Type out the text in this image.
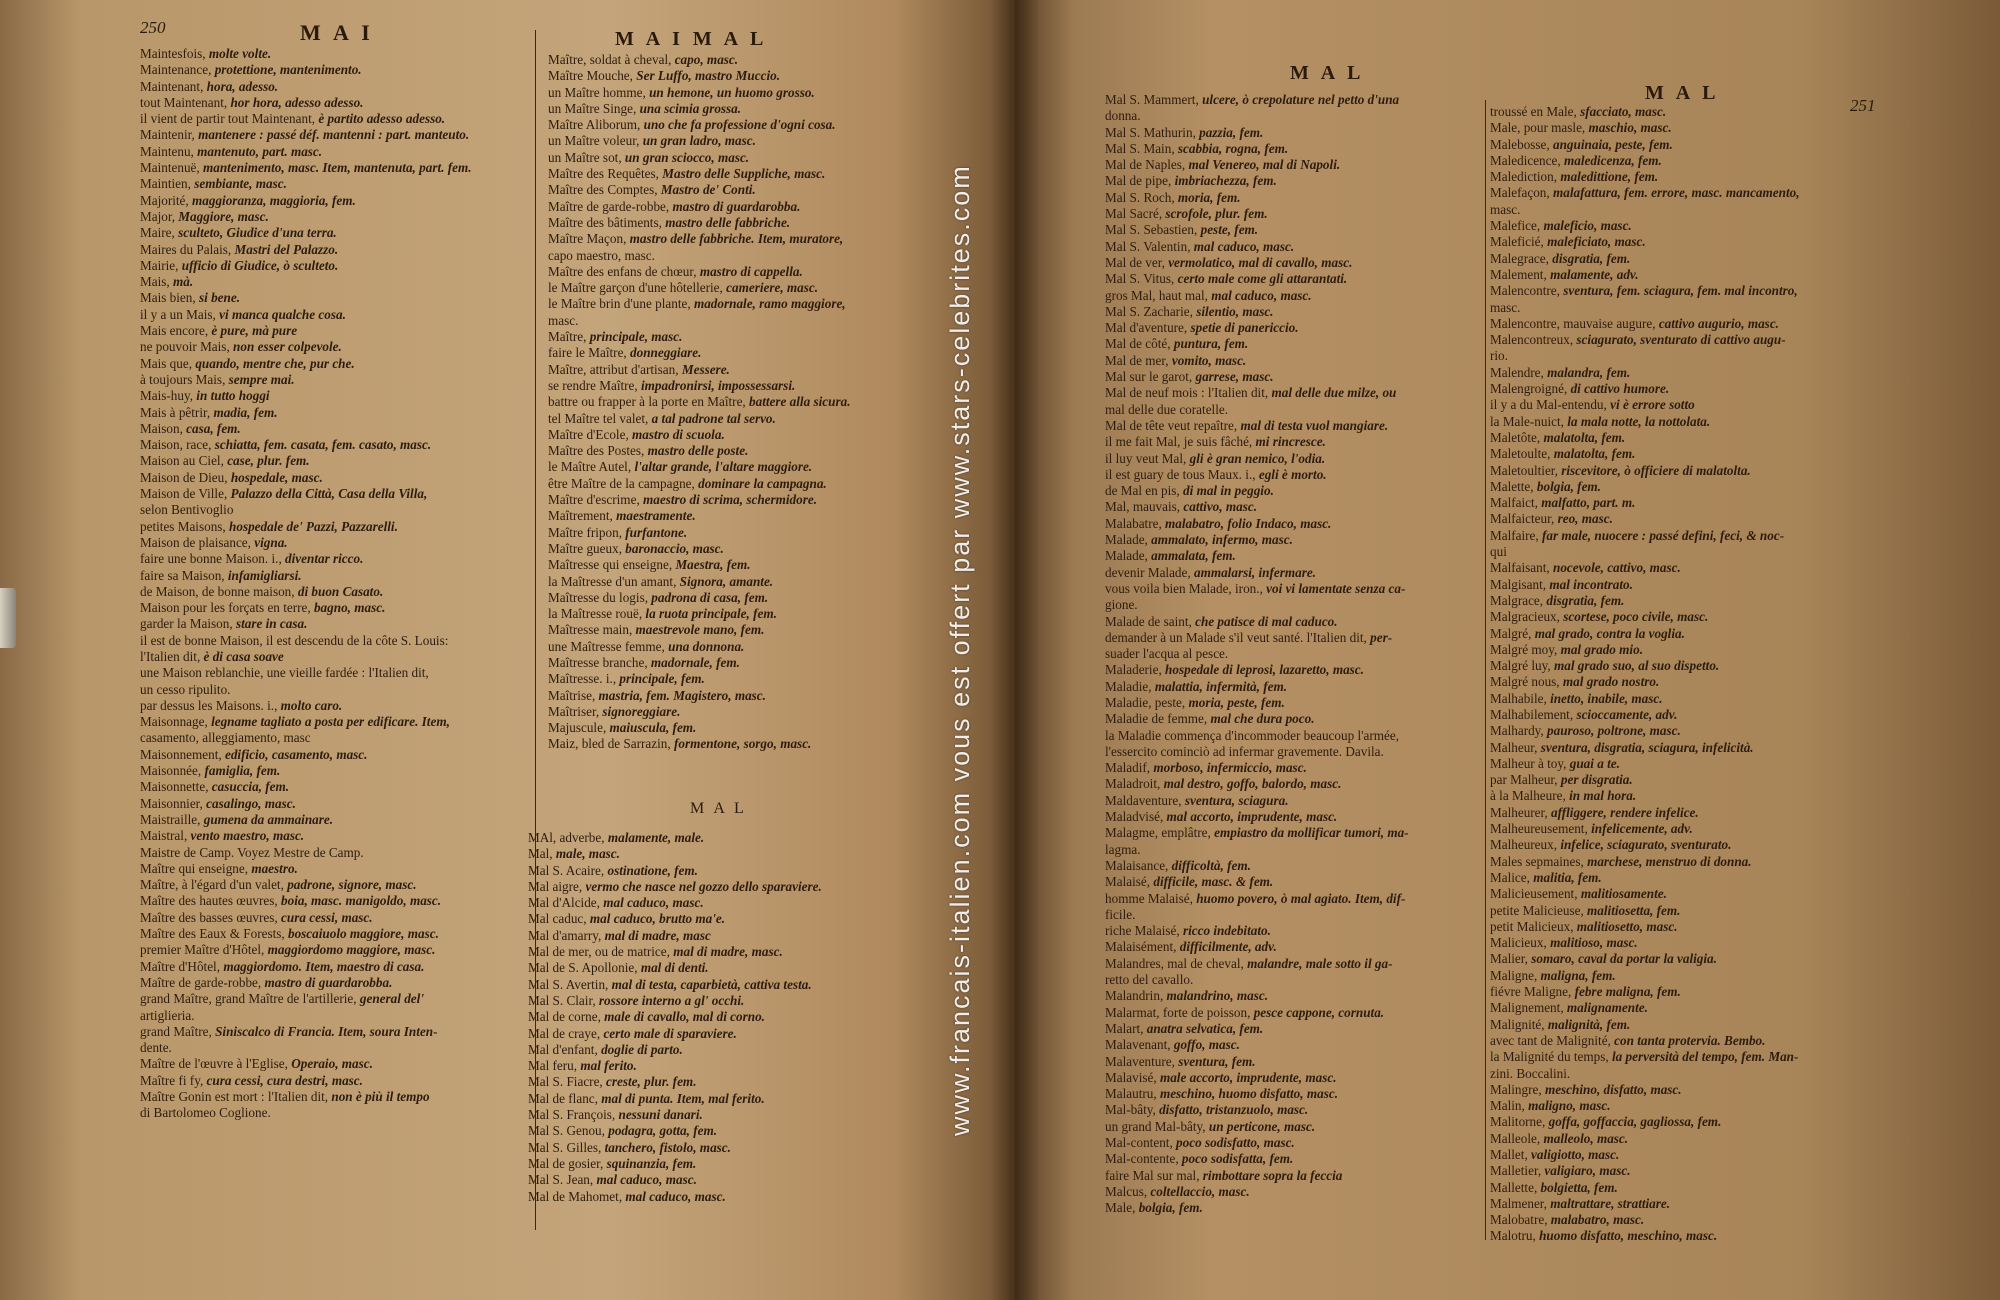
250	M A I
Maintesfois, molte volte.
Maintenance, protettione, mantenimento.
Maintenant, hora, adesso.
tout Maintenant, hor hora, adesso adesso.
il vient de partir tout Maintenant, è partito adesso adesso.
Maintenir, mantenere : passé déf. mantenni : part. manteuto.
Maintenu, mantenuto, part. masc.
Maintenuë, mantenimento, masc. Item, mantenuta, part. fem.
Maintien, sembiante, masc.
Majorité, maggioranza, maggioria, fem.
Major, Maggiore, masc.
Maire, sculteto, Giudice d'una terra.
Maires du Palais, Mastri del Palazzo.
Mairie, ufficio di Giudice, ò sculteto.
Mais, mà.
Mais bien, si bene.
il y a un Mais, vi manca qualche cosa.
Mais encore, è pure, mà pure
ne pouvoir Mais, non esser colpevole.
Mais que, quando, mentre che, pur che.
à toujours Mais, sempre mai.
Mais-huy, in tutto hoggi
Mais à pêtrir, madia, fem.
Maison, casa, fem.
Maison, race, schiatta, fem. casata, fem. casato, masc.
Maison au Ciel, case, plur. fem.
Maison de Dieu, hospedale, masc.
Maison de Ville, Palazzo della Città, Casa della Villa,
selon Bentivoglio
petites Maisons, hospedale de' Pazzi, Pazzarelli.
Maison de plaisance, vigna.
faire une bonne Maison. i., diventar ricco.
faire sa Maison, infamigliarsi.
de Maison, de bonne maison, di buon Casato.
Maison pour les forçats en terre, bagno, masc.
garder la Maison, stare in casa.
il est de bonne Maison, il est descendu de la côte S. Louis:
l'Italien dit, è di casa soave
une Maison reblanchie, une vieille fardée : l'Italien dit,
un cesso ripulito.
par dessus les Maisons. i., molto caro.
Maisonnage, legname tagliato a posta per edificare. Item,
casamento, alleggiamento, masc
Maisonnement, edificio, casamento, masc.
Maisonnée, famiglia, fem.
Maisonnette, casuccia, fem.
Maisonnier, casalingo, masc.
Maistraille, gumena da ammainare.
Maistral, vento maestro, masc.
Maistre de Camp. Voyez Mestre de Camp.
Maître qui enseigne, maestro.
Maître, à l'égard d'un valet, padrone, signore, masc.
Maître des hautes œuvres, boia, masc. manigoldo, masc.
Maître des basses œuvres, cura cessi, masc.
Maître des Eaux & Forests, boscaiuolo maggiore, masc.
premier Maître d'Hôtel, maggiordomo maggiore, masc.
Maître d'Hôtel, maggiordomo. Item, maestro di casa.
Maître de garde-robbe, mastro di guardarobba.
grand Maître, grand Maître de l'artillerie, general del'
artiglieria.
grand Maître, Siniscalco di Francia. Item, soura Inten-
dente.
Maître de l'œuvre à l'Eglise, Operaio, masc.
Maître fi fy, cura cessi, cura destri, masc.
Maître Gonin est mort : l'Italien dit, non è più il tempo
di Bartolomeo Coglione.
M A I M A L
Maître, soldat à cheval, capo, masc.
Maître Mouche, Ser Luffo, mastro Muccio.
un Maître homme, un hemone, un huomo grosso.
un Maître Singe, una scimia grossa.
Maître Aliborum, uno che fa professione d'ogni cosa.
un Maître voleur, un gran ladro, masc.
un Maître sot, un gran sciocco, masc.
Maître des Requêtes, Mastro delle Suppliche, masc.
Maître des Comptes, Mastro de' Conti.
Maître de garde-robbe, mastro di guardarobba.
Maître des bâtiments, mastro delle fabbriche.
Maître Maçon, mastro delle fabbriche. Item, muratore,
capo maestro, masc.
Maître des enfans de chœur, mastro di cappella.
le Maître garçon d'une hôtellerie, cameriere, masc.
le Maître brin d'une plante, madornale, ramo maggiore,
masc.
Maître, principale, masc.
faire le Maître, donneggiare.
Maître, attribut d'artisan, Messere.
se rendre Maître, impadronirsi, impossessarsi.
battre ou frapper à la porte en Maître, battere alla sicura.
tel Maître tel valet, a tal padrone tal servo.
Maître d'Ecole, mastro di scuola.
Maître des Postes, mastro delle poste.
le Maître Autel, l'altar grande, l'altare maggiore.
être Maître de la campagne, dominare la campagna.
Maître d'escrime, maestro di scrima, schermidore.
Maîtrement, maestramente.
Maître fripon, furfantone.
Maître gueux, baronaccio, masc.
Maîtresse qui enseigne, Maestra, fem.
la Maîtresse d'un amant, Signora, amante.
Maîtresse du logis, padrona di casa, fem.
la Maîtresse rouë, la ruota principale, fem.
Maîtresse main, maestrevole mano, fem.
une Maîtresse femme, una donnona.
Maîtresse branche, madornale, fem.
Maîtresse. i., principale, fem.
Maîtrise, mastria, fem. Magistero, masc.
Maîtriser, signoreggiare.
Majuscule, maiuscula, fem.
Maiz, bled de Sarrazin, formentone, sorgo, masc.
M A L
MAl, adverbe, malamente, male.
Mal, male, masc.
Mal S. Acaire, ostinatione, fem.
Mal aigre, vermo che nasce nel gozzo dello sparaviere.
Mal d'Alcide, mal caduco, masc.
Mal caduc, mal caduco, brutto ma'e.
Mal d'amarry, mal di madre, masc
Mal de mer, ou de matrice, mal di madre, masc.
Mal de S. Apollonie, mal di denti.
Mal S. Avertin, mal di testa, caparbietà, cattiva testa.
Mal S. Clair, rossore interno a gl' occhi.
Mal de corne, male di cavallo, mal di corno.
Mal de craye, certo male di sparaviere.
Mal d'enfant, doglie di parto.
Mal feru, mal ferito.
Mal S. Fiacre, creste, plur. fem.
Mal de flanc, mal di punta. Item, mal ferito.
Mal S. François, nessuni danari.
Mal S. Genou, podagra, gotta, fem.
Mal S. Gilles, tanchero, fistolo, masc.
Mal de gosier, squinanzia, fem.
Mal S. Jean, mal caduco, masc.
Mal de Mahomet, mal caduco, masc.
M A L
Mal S. Mammert, ulcere, ò crepolature nel petto d'una
donna.
Mal S. Mathurin, pazzia, fem.
Mal S. Main, scabbia, rogna, fem.
Mal de Naples, mal Venereo, mal di Napoli.
Mal de pipe, imbriachezza, fem.
Mal S. Roch, moria, fem.
Mal Sacré, scrofole, plur. fem.
Mal S. Sebastien, peste, fem.
Mal S. Valentin, mal caduco, masc.
Mal de ver, vermolatico, mal di cavallo, masc.
Mal S. Vitus, certo male come gli attarantati.
gros Mal, haut mal, mal caduco, masc.
Mal S. Zacharie, silentio, masc.
Mal d'aventure, spetie di panericcio.
Mal de côté, puntura, fem.
Mal de mer, vomito, masc.
Mal sur le garot, garrese, masc.
Mal de neuf mois : l'Italien dit, mal delle due milze, ou
mal delle due coratelle.
Mal de tête veut repaître, mal di testa vuol mangiare.
il me fait Mal, je suis fâché, mi rincresce.
il luy veut Mal, gli è gran nemico, l'odia.
il est guary de tous Maux. i., egli è morto.
de Mal en pis, di mal in peggio.
Mal, mauvais, cattivo, masc.
Malabatre, malabatro, folio Indaco, masc.
Malade, ammalato, infermo, masc.
Malade, ammalata, fem.
devenir Malade, ammalarsi, infermare.
vous voila bien Malade, iron., voi vi lamentate senza ca-
gione.
Malade de saint, che patisce di mal caduco.
demander à un Malade s'il veut santé. l'Italien dit, per-
suader l'acqua al pesce.
Maladerie, hospedale di leprosi, lazaretto, masc.
Maladie, malattia, infermità, fem.
Maladie, peste, moria, peste, fem.
Maladie de femme, mal che dura poco.
la Maladie commença d'incommoder beaucoup l'armée,
l'essercito cominciò ad infermar gravemente. Davila.
Maladif, morboso, infermiccio, masc.
Maladroit, mal destro, goffo, balordo, masc.
Maldaventure, sventura, sciagura.
Maladvisé, mal accorto, imprudente, masc.
Malagme, emplâtre, empiastro da mollificar tumori, ma-
lagma.
Malaisance, difficoltà, fem.
Malaisé, difficile, masc. & fem.
homme Malaisé, huomo povero, ò mal agiato. Item, dif-
ficile.
riche Malaisé, ricco indebitato.
Malaisément, difficilmente, adv.
Malandres, mal de cheval, malandre, male sotto il ga-
retto del cavallo.
Malandrin, malandrino, masc.
Malarmat, forte de poisson, pesce cappone, cornuta.
Malart, anatra selvatica, fem.
Malavenant, goffo, masc.
Malaventure, sventura, fem.
Malavisé, male accorto, imprudente, masc.
Malautru, meschino, huomo disfatto, masc.
Mal-bâty, disfatto, tristanzuolo, masc.
un grand Mal-bâty, un perticone, masc.
Mal-content, poco sodisfatto, masc.
Mal-contente, poco sodisfatta, fem.
faire Mal sur mal, rimbottare sopra la feccia
Malcus, coltellaccio, masc.
Male, bolgia, fem.
M A L
251
troussé en Male, sfacciato, masc.
Male, pour masle, maschio, masc.
Malebosse, anguinaia, peste, fem.
Maledicence, maledicenza, fem.
Malediction, maledittione, fem.
Malefaçon, malafattura, fem. errore, masc. mancamento,
masc.
Malefice, maleficio, masc.
Maleficié, maleficiato, masc.
Malegrace, disgratia, fem.
Malement, malamente, adv.
Malencontre, sventura, fem. sciagura, fem. mal incontro,
masc.
Malencontre, mauvaise augure, cattivo augurio, masc.
Malencontreux, sciagurato, sventurato di cattivo augu-
rio.
Malendre, malandra, fem.
Malengroigné, di cattivo humore.
il y a du Mal-entendu, vi è errore sotto
la Male-nuict, la mala notte, la nottolata.
Maletôte, malatolta, fem.
Maletoulte, malatolta, fem.
Maletoultier, riscevitore, ò officiere di malatolta.
Malette, bolgia, fem.
Malfaict, malfatto, part. m.
Malfaicteur, reo, masc.
Malfaire, far male, nuocere : passé defini, feci, & noc-
qui
Malfaisant, nocevole, cattivo, masc.
Malgisant, mal incontrato.
Malgrace, disgratia, fem.
Malgracieux, scortese, poco civile, masc.
Malgré, mal grado, contra la voglia.
Malgré moy, mal grado mio.
Malgré luy, mal grado suo, al suo dispetto.
Malgré nous, mal grado nostro.
Malhabile, inetto, inabile, masc.
Malhabilement, scioccamente, adv.
Malhardy, pauroso, poltrone, masc.
Malheur, sventura, disgratia, sciagura, infelicità.
Malheur à toy, guai a te.
par Malheur, per disgratia.
à la Malheure, in mal hora.
Malheurer, affliggere, rendere infelice.
Malheureusement, infelicemente, adv.
Malheureux, infelice, sciagurato, sventurato.
Males sepmaines, marchese, menstruo di donna.
Malice, malitia, fem.
Malicieusement, malitiosamente.
petite Malicieuse, malitiosetta, fem.
petit Malicieux, malitiosetto, masc.
Malicieux, malitioso, masc.
Malier, somaro, caval da portar la valigia.
Maligne, maligna, fem.
fiévre Maligne, febre maligna, fem.
Malignement, malignamente.
Malignité, malignità, fem.
avec tant de Malignité, con tanta protervia. Bembo.
la Malignité du temps, la perversità del tempo, fem. Man-
zini. Boccalini.
Malingre, meschino, disfatto, masc.
Malin, maligno, masc.
Malitorne, goffa, goffaccia, gagliossa, fem.
Malleole, malleolo, masc.
Mallet, valigiotto, masc.
Malletier, valigiaro, masc.
Mallette, bolgietta, fem.
Malmener, maltrattare, strattiare.
Malobatre, malabatro, masc.
Malotru, huomo disfatto, meschino, masc.
www.francais-italien.com vous est offert par www.stars-celebrites.com
